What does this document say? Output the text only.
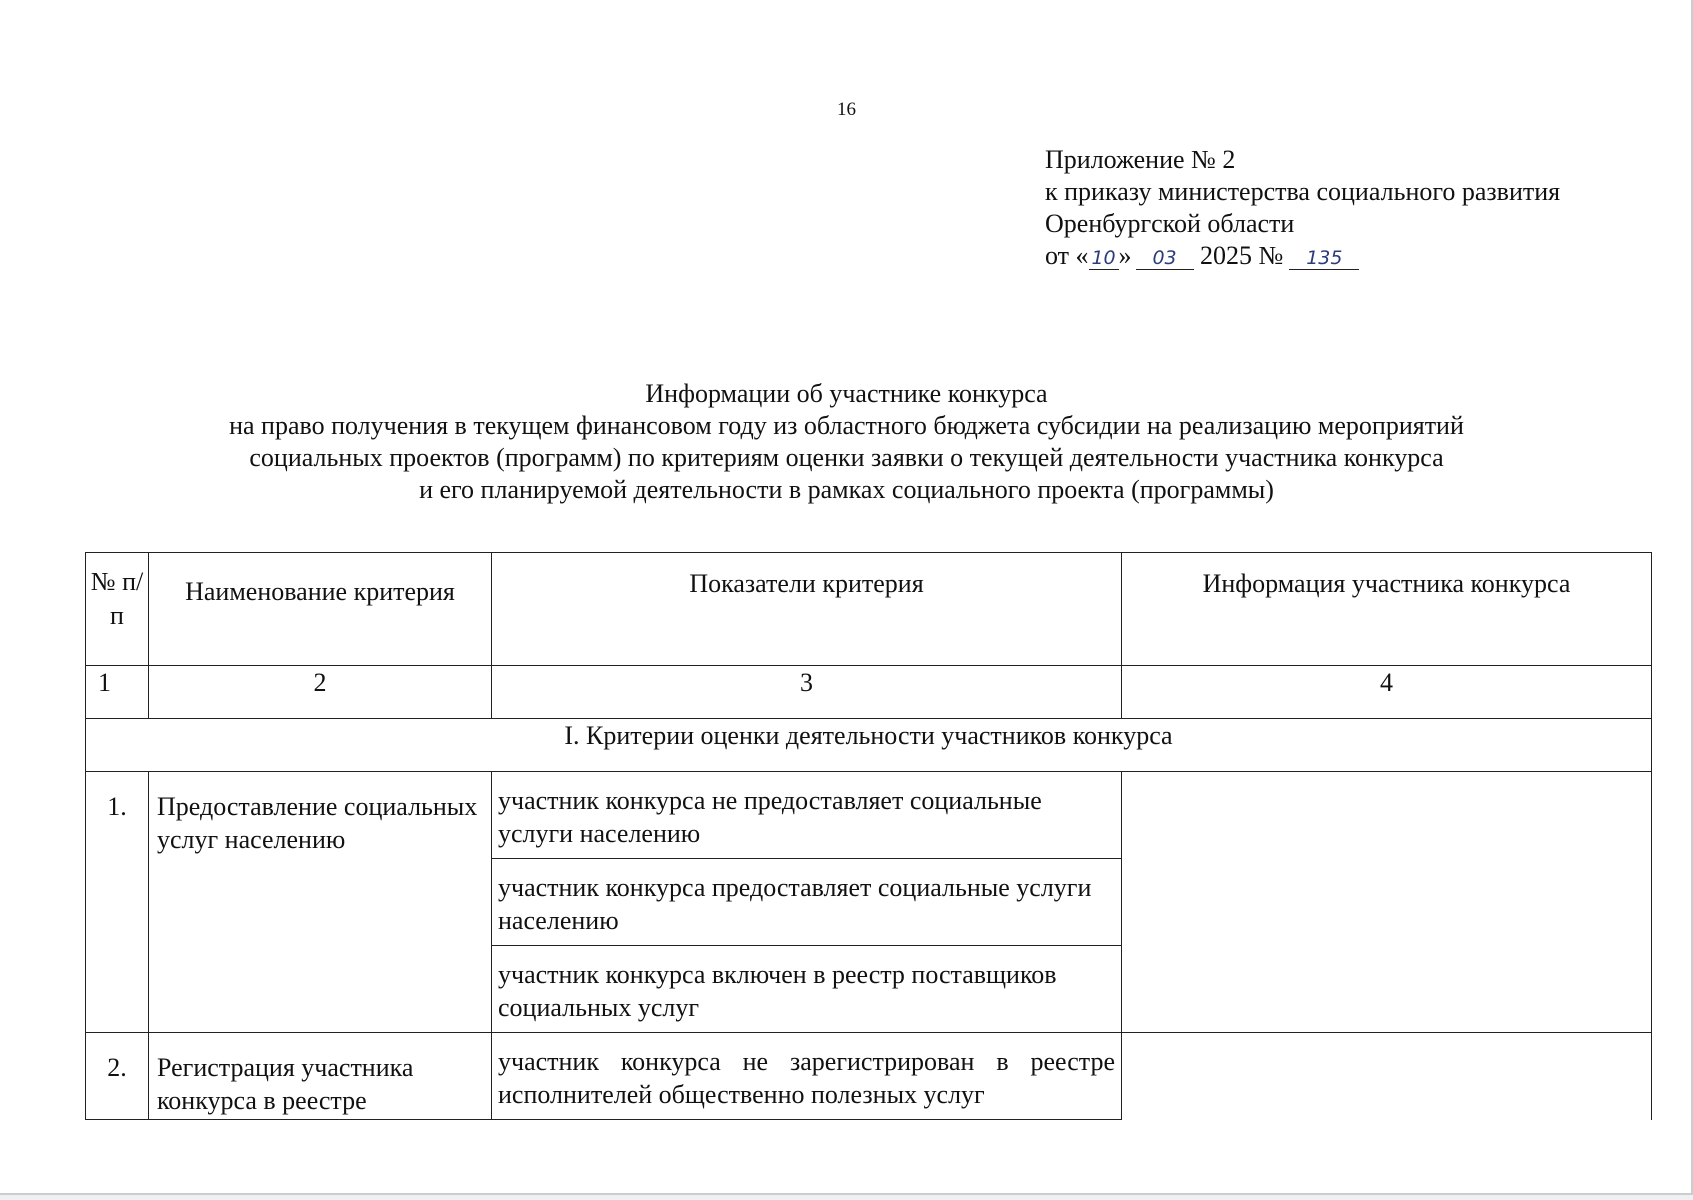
16
Приложение № 2
к приказу министерства социального развития
Оренбургской области
от « 10 » 03 2025 № 135
Информации об участнике конкурса
на право получения в текущем финансовом году из областного бюджета субсидии на реализацию мероприятий
социальных проектов (программ) по критериям оценки заявки о текущей деятельности участника конкурса
и его планируемой деятельности в рамках социального проекта (программы)
№ п/п	Наименование критерия	Показатели критерия	Информация участника конкурса
1	2	3	4
I. Критерии оценки деятельности участников конкурса			
1.	Предоставление социальных услуг населению	участник конкурса не предоставляет социальные услуги населению	
		участник конкурса предоставляет социальные услуги населению	
		участник конкурса включен в реестр поставщиков социальных услуг	
2.	Регистрация участника конкурса в реестре	участник конкурса не зарегистрирован в реестре исполнителей общественно полезных услуг	
